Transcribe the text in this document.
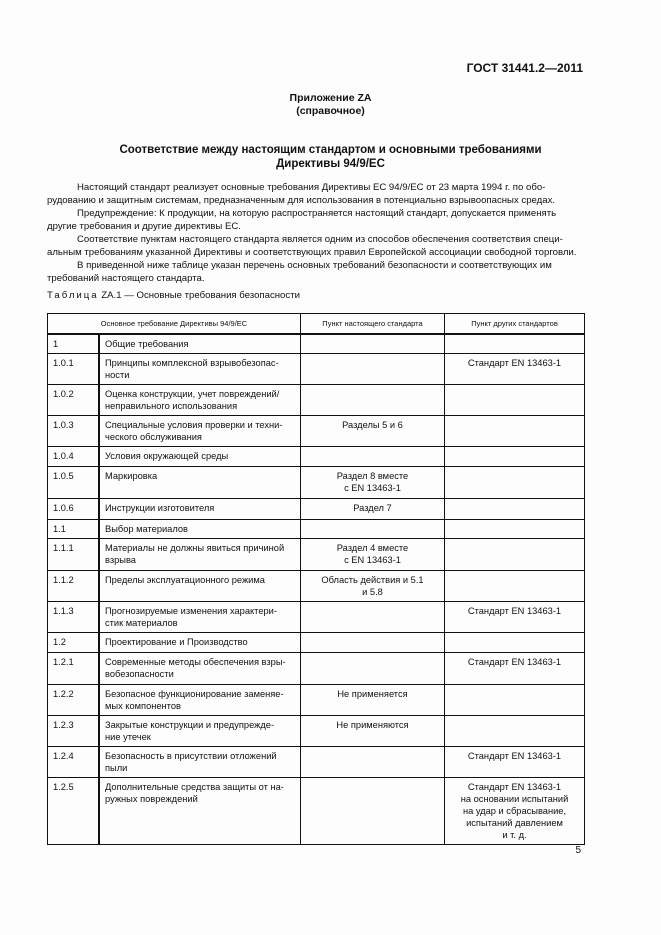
ГОСТ 31441.2—2011
Приложение ZA
(справочное)
Соответствие между настоящим стандартом и основными требованиями
Директивы 94/9/ЕС

Настоящий стандарт реализует основные требования Директивы ЕС 94/9/ЕС от 23 марта 1994 г. по обо-
рудованию и защитным системам, предназначенным для использования в потенциально взрывоопасных средах.

Предупреждение: К продукции, на которую распространяется настоящий стандарт, допускается применять
другие требования и другие директивы ЕС.

Соответствие пунктам настоящего стандарта является одним из способов обеспечения соответствия специ-
альным требованиям указанной Директивы и соответствующих правил Европейской ассоциации свободной торговли.

В приведенной ниже таблице указан перечень основных требований безопасности и соответствующих им
требований настоящего стандарта.

Таблица ZA.1 — Основные требования безопасности
Основное требование Директивы 94/9/ЕС		Пункт настоящего стандарта	Пункт других стандартов
1	Общие требования		
1.0.1	Принципы комплексной взрывобезопас-
ности		Стандарт EN 13463-1
1.0.2	Оценка конструкции, учет повреждений/
неправильного использования		
1.0.3	Специальные условия проверки и техни-
ческого обслуживания	Разделы 5 и 6	
1.0.4	Условия окружающей среды		
1.0.5	Маркировка	Раздел 8 вместе
с EN 13463-1	
1.0.6	Инструкции изготовителя	Раздел 7	
1.1	Выбор материалов		
1.1.1	Материалы не должны явиться причиной
взрыва	Раздел 4 вместе
с EN 13463-1	
1.1.2	Пределы эксплуатационного режима	Область действия и 5.1
и 5.8	
1.1.3	Прогнозируемые изменения характери-
стик материалов		Стандарт EN 13463-1
1.2	Проектирование и Производство		
1.2.1	Современные методы обеспечения взры-
вобезопасности		Стандарт EN 13463-1
1.2.2	Безопасное функционирование заменяе-
мых компонентов	Не применяется	
1.2.3	Закрытые конструкции и предупрежде-
ние утечек	Не применяются	
1.2.4	Безопасность в присутствии отложений
пыли		Стандарт EN 13463-1
1.2.5	Дополнительные средства защиты от на-
ружных повреждений		Стандарт EN 13463-1
на основании испытаний
на удар и сбрасывание,
испытаний давлением
и т. д.
5
